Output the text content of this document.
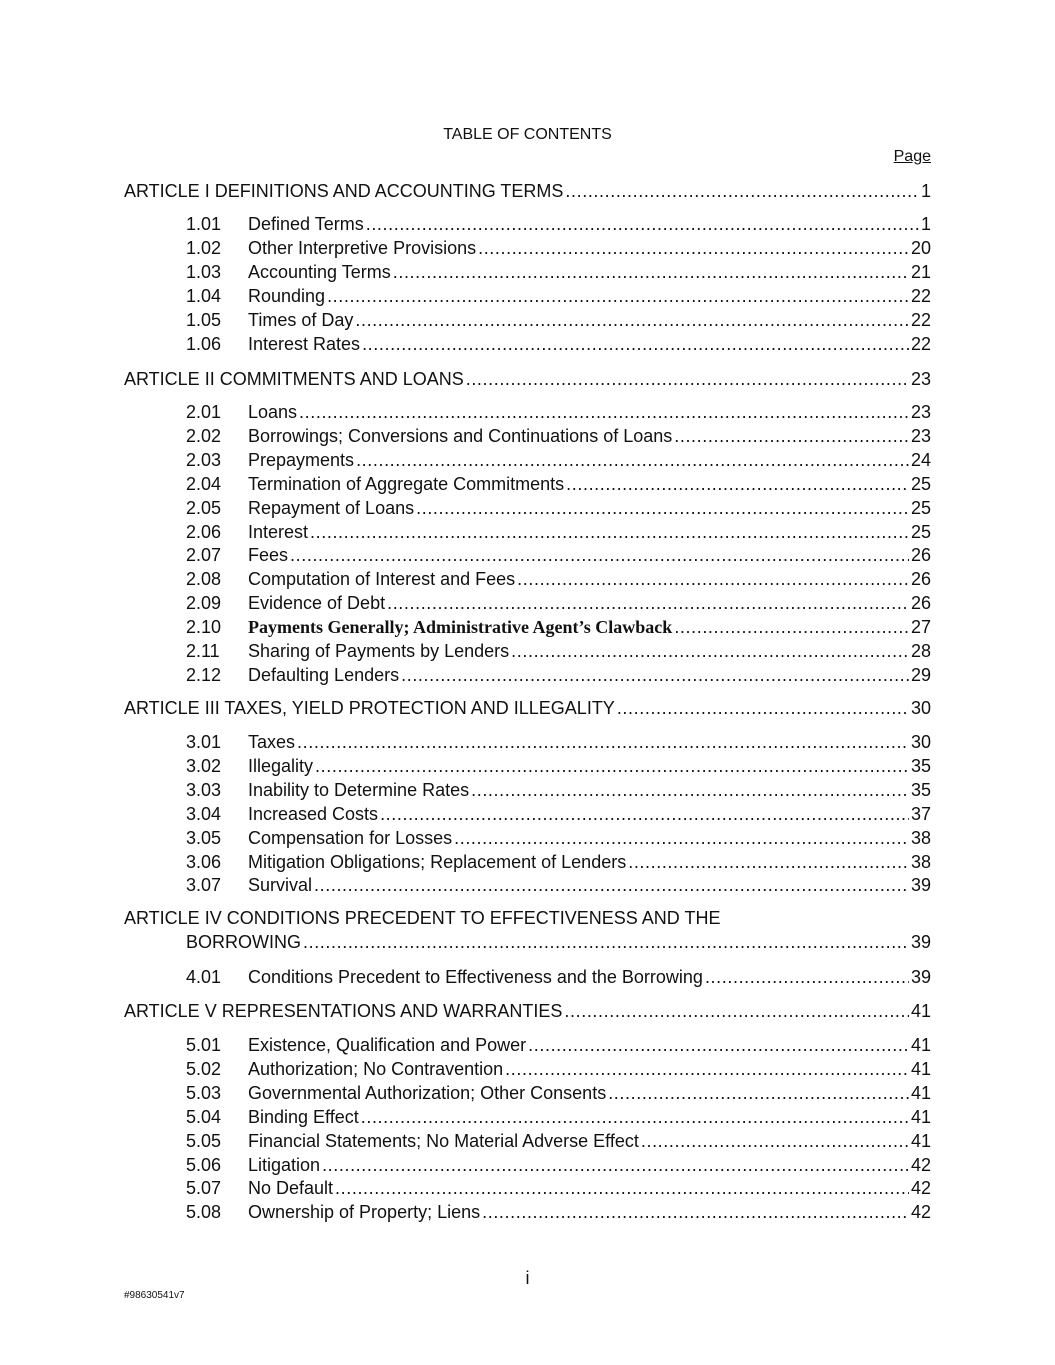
TABLE OF CONTENTS
Page
ARTICLE I DEFINITIONS AND ACCOUNTING TERMS . . .	1
1.01	Defined Terms . . .	1
1.02	Other Interpretive Provisions . . .	20
1.03	Accounting Terms . . .	21
1.04	Rounding . . .	22
1.05	Times of Day . . .	22
1.06	Interest Rates . . .	22
ARTICLE II COMMITMENTS AND LOANS . . .	23
2.01	Loans . . .	23
2.02	Borrowings; Conversions and Continuations of Loans . . .	23
2.03	Prepayments . . .	24
2.04	Termination of Aggregate Commitments . . .	25
2.05	Repayment of Loans . . .	25
2.06	Interest . . .	25
2.07	Fees . . .	26
2.08	Computation of Interest and Fees . . .	26
2.09	Evidence of Debt . . .	26
2.10	Payments Generally; Administrative Agent’s Clawback . . .	27
2.11	Sharing of Payments by Lenders . . .	28
2.12	Defaulting Lenders . . .	29
ARTICLE III TAXES, YIELD PROTECTION AND ILLEGALITY . . .	30
3.01	Taxes . . .	30
3.02	Illegality . . .	35
3.03	Inability to Determine Rates . . .	35
3.04	Increased Costs . . .	37
3.05	Compensation for Losses . . .	38
3.06	Mitigation Obligations; Replacement of Lenders . . .	38
3.07	Survival . . .	39
ARTICLE IV CONDITIONS PRECEDENT TO EFFECTIVENESS AND THE
BORROWING . . .	39
4.01	Conditions Precedent to Effectiveness and the Borrowing . . .	39
ARTICLE V REPRESENTATIONS AND WARRANTIES . . .	41
5.01	Existence, Qualification and Power . . .	41
5.02	Authorization; No Contravention . . .	41
5.03	Governmental Authorization; Other Consents . . .	41
5.04	Binding Effect . . .	41
5.05	Financial Statements; No Material Adverse Effect . . .	41
5.06	Litigation . . .	42
5.07	No Default . . .	42
5.08	Ownership of Property; Liens . . .	42
i
#98630541v7
